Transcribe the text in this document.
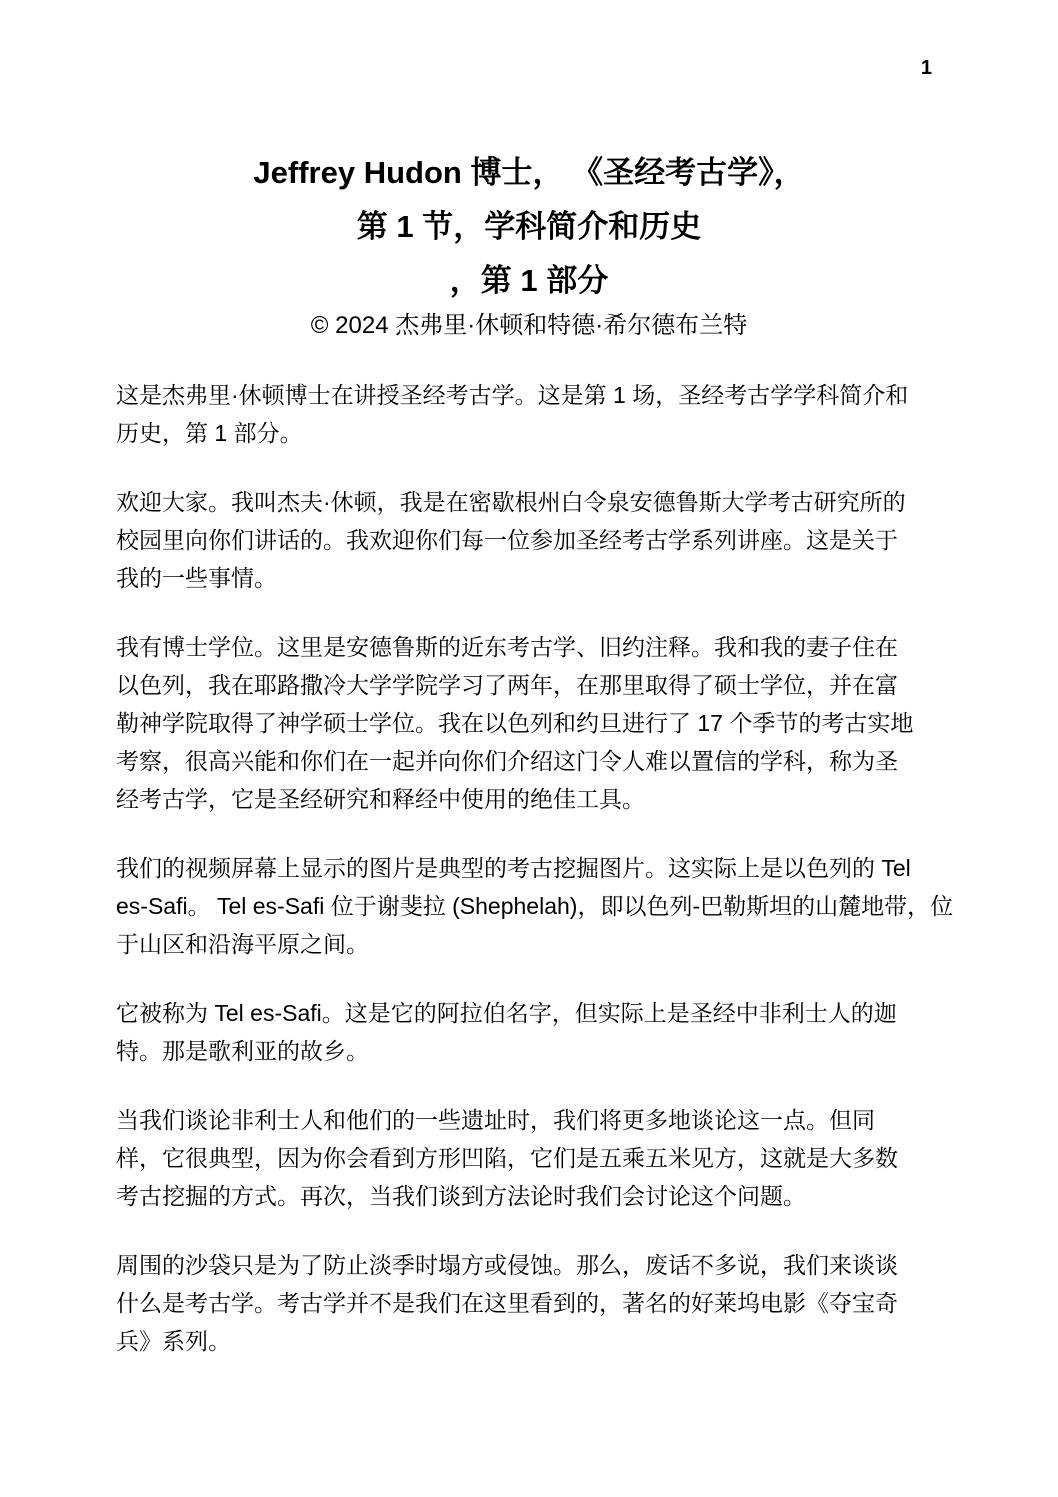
1
Jeffrey Hudon 博士， 《圣经考古学》，
第 1 节，学科简介和历史
，第 1 部分
© 2024 杰弗里·休顿和特德·希尔德布兰特

这是杰弗里·休顿博士在讲授圣经考古学。这是第 1 场，圣经考古学学科简介和
历史，第 1 部分。

欢迎大家。我叫杰夫·休顿，我是在密歇根州白令泉安德鲁斯大学考古研究所的
校园里向你们讲话的。我欢迎你们每一位参加圣经考古学系列讲座。这是关于
我的一些事情。

我有博士学位。这里是安德鲁斯的近东考古学、旧约注释。我和我的妻子住在
以色列，我在耶路撒冷大学学院学习了两年，在那里取得了硕士学位，并在富
勒神学院取得了神学硕士学位。我在以色列和约旦进行了 17 个季节的考古实地
考察，很高兴能和你们在一起并向你们介绍这门令人难以置信的学科，称为圣
经考古学，它是圣经研究和释经中使用的绝佳工具。

我们的视频屏幕上显示的图片是典型的考古挖掘图片。这实际上是以色列的 Tel
es-Safi。 Tel es-Safi 位于谢斐拉 (Shephelah)，即以色列-巴勒斯坦的山麓地带，位
于山区和沿海平原之间。

它被称为 Tel es-Safi。这是它的阿拉伯名字，但实际上是圣经中非利士人的迦
特。那是歌利亚的故乡。

当我们谈论非利士人和他们的一些遗址时，我们将更多地谈论这一点。但同
样，它很典型，因为你会看到方形凹陷，它们是五乘五米见方，这就是大多数
考古挖掘的方式。再次，当我们谈到方法论时我们会讨论这个问题。

周围的沙袋只是为了防止淡季时塌方或侵蚀。那么，废话不多说，我们来谈谈
什么是考古学。考古学并不是我们在这里看到的，著名的好莱坞电影《夺宝奇
兵》系列。
